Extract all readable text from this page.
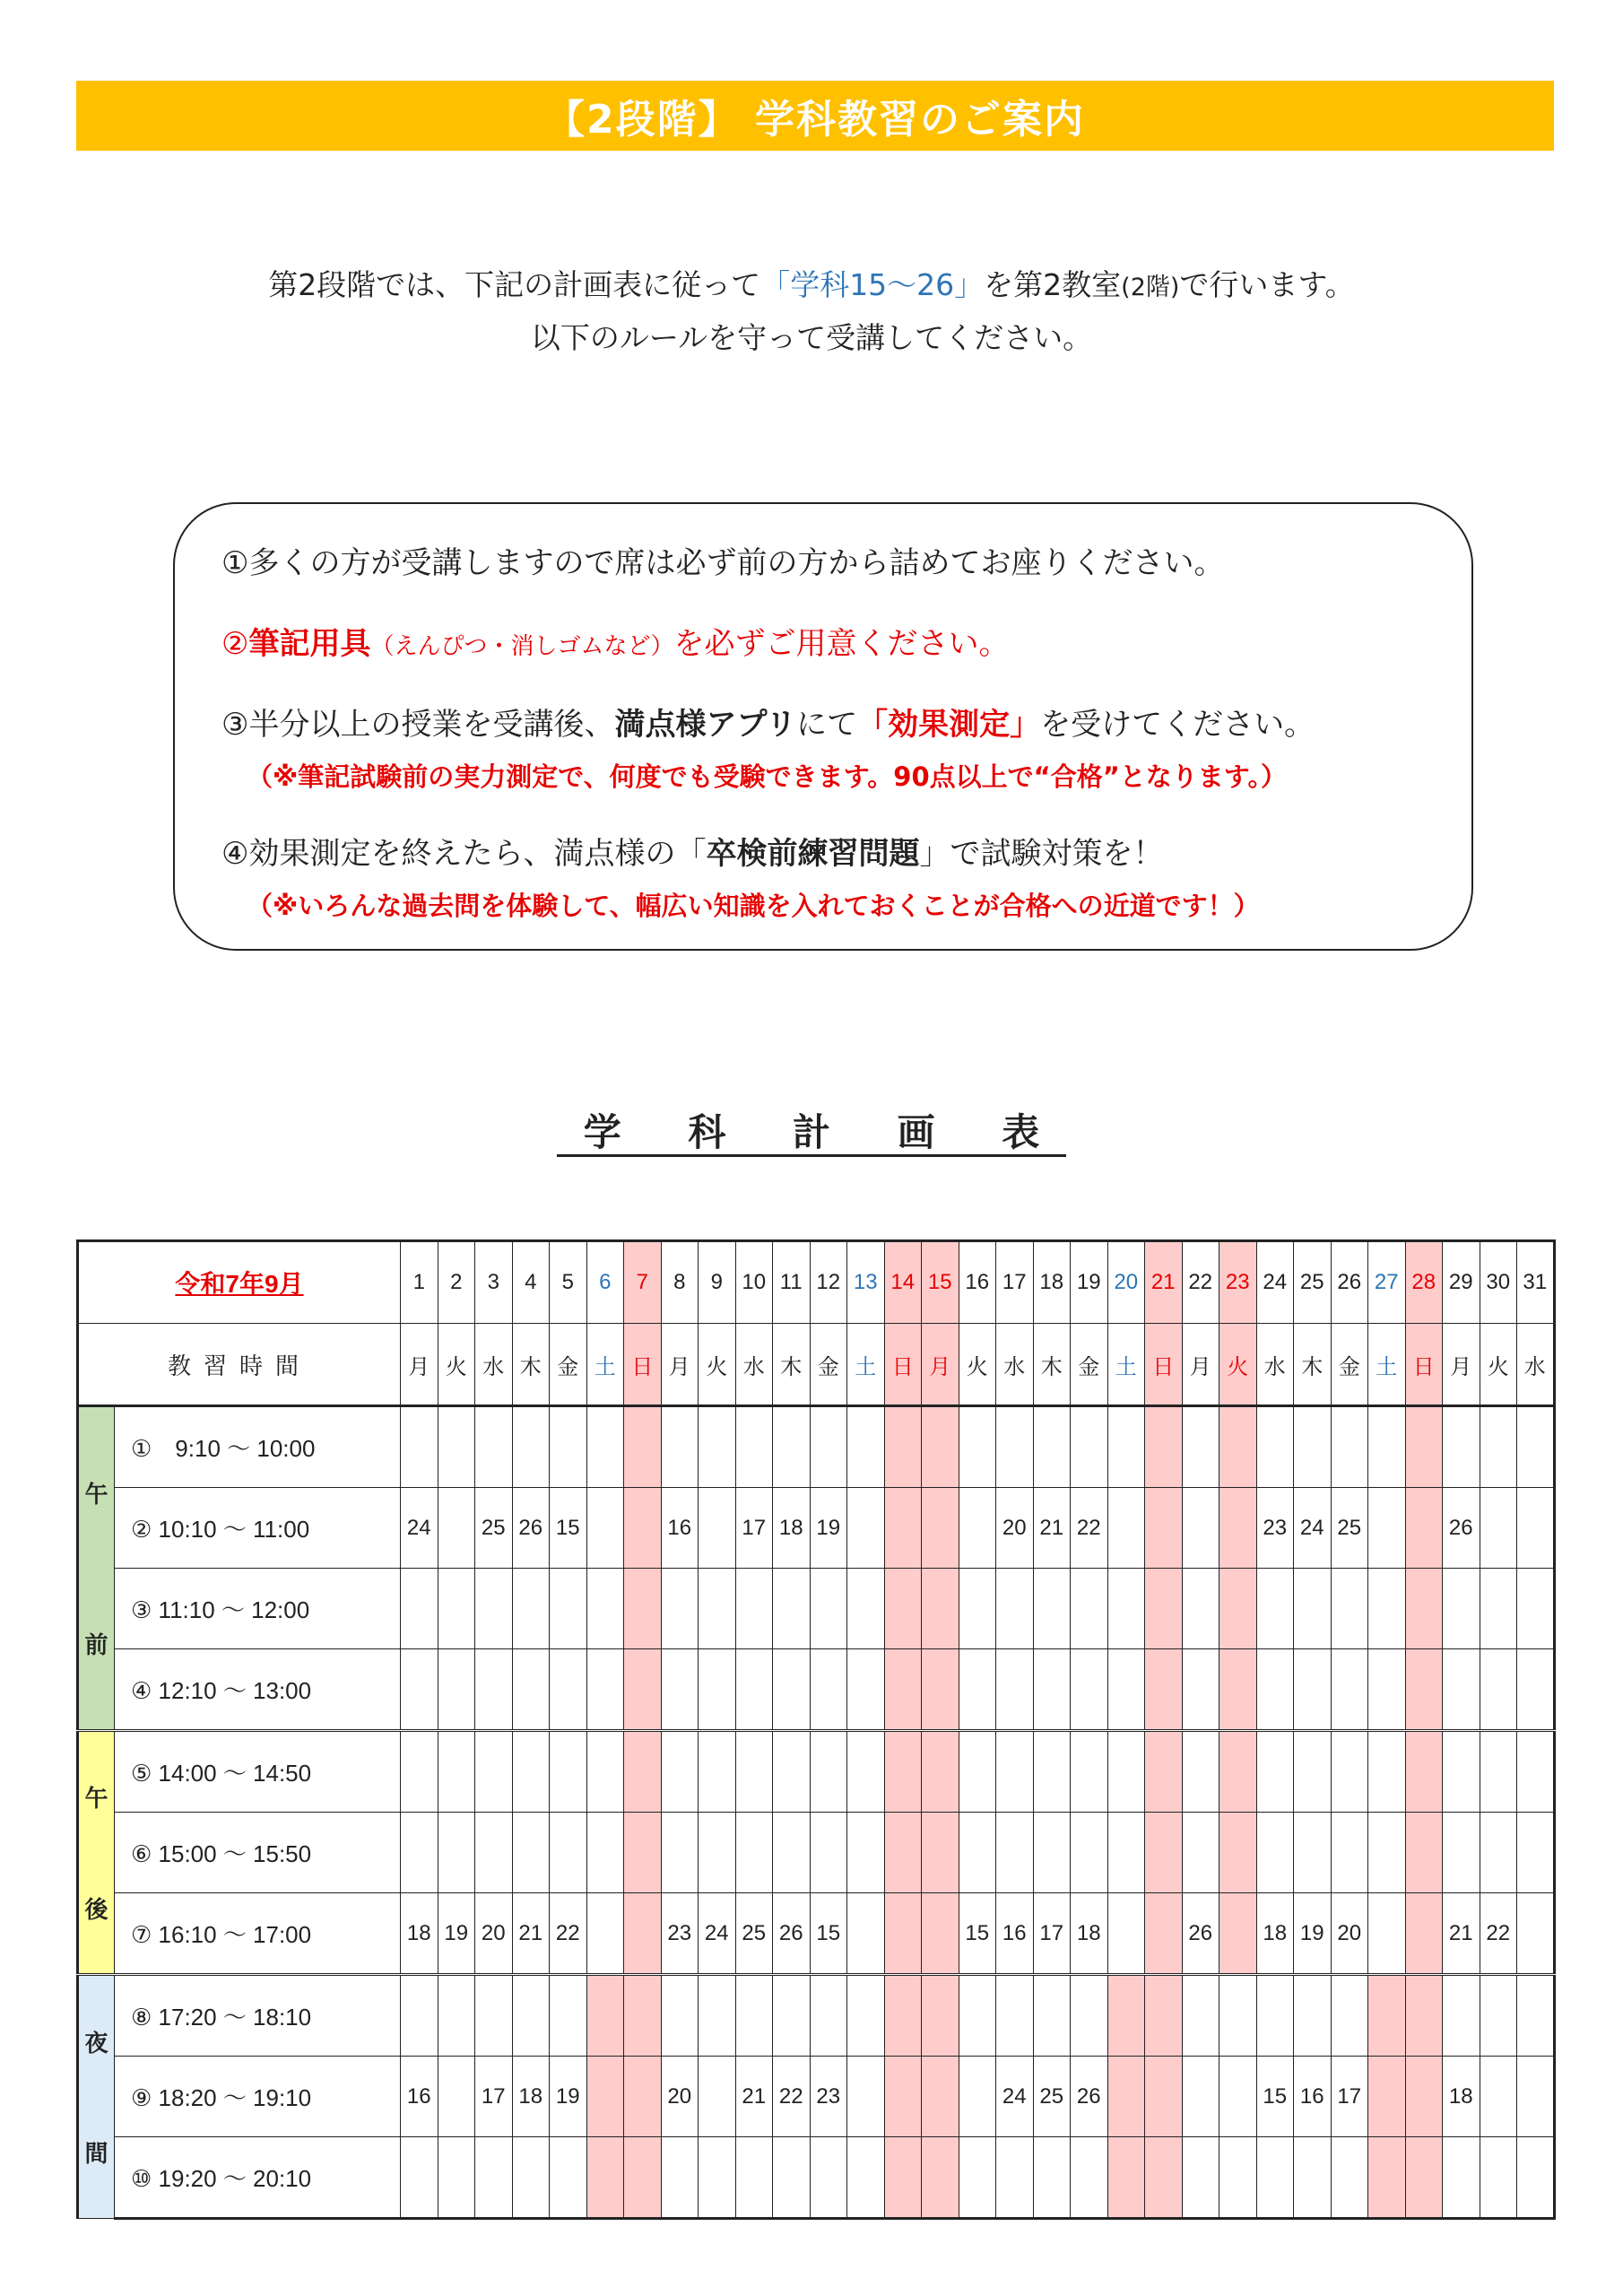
【2段階】 学科教習のご案内
第2段階では、下記の計画表に従って「学科15～26」を第2教室(2階)で行います。
以下のルールを守って受講してください。
①多くの方が受講しますので席は必ず前の方から詰めてお座りください。
②筆記用具（えんぴつ・消しゴムなど）を必ずご用意ください。
③半分以上の授業を受講後、満点様アプリにて「効果測定」を受けてください。
（※筆記試験前の実力測定で、何度でも受験できます。90点以上で“合格”となります。）
④効果測定を終えたら、満点様の「卒検前練習問題」で試験対策を！
（※いろんな過去問を体験して、幅広い知識を入れておくことが合格への近道です！）
学 科 計 画 表
令和7年9月		1	2	3	4	5	6	7	8	9	10	11	12	13	14	15	16	17	18	19	20	21	22	23	24	25	26	27	28	29	30	31
教習時間		月	火	水	木	金	土	日	月	火	水	木	金	土	日	月	火	水	木	金	土	日	月	火	水	木	金	土	日	月	火	水

午
前	①　9:10 ～ 10:00																															
	② 10:10 ～ 11:00	24		25	26	15			16		17	18	19					20	21	22					23	24	25			26		
	③ 11:10 ～ 12:00																															
	④ 12:10 ～ 13:00																															

午
後	⑤ 14:00 ～ 14:50																															
	⑥ 15:00 ～ 15:50																															
	⑦ 16:10 ～ 17:00	18	19	20	21	22			23	24	25	26	15				15	16	17	18			26		18	19	20			21	22	

夜
間	⑧ 17:20 ～ 18:10																															
	⑨ 18:20 ～ 19:10	16		17	18	19			20		21	22	23					24	25	26					15	16	17			18		
	⑩ 19:20 ～ 20:10																															
